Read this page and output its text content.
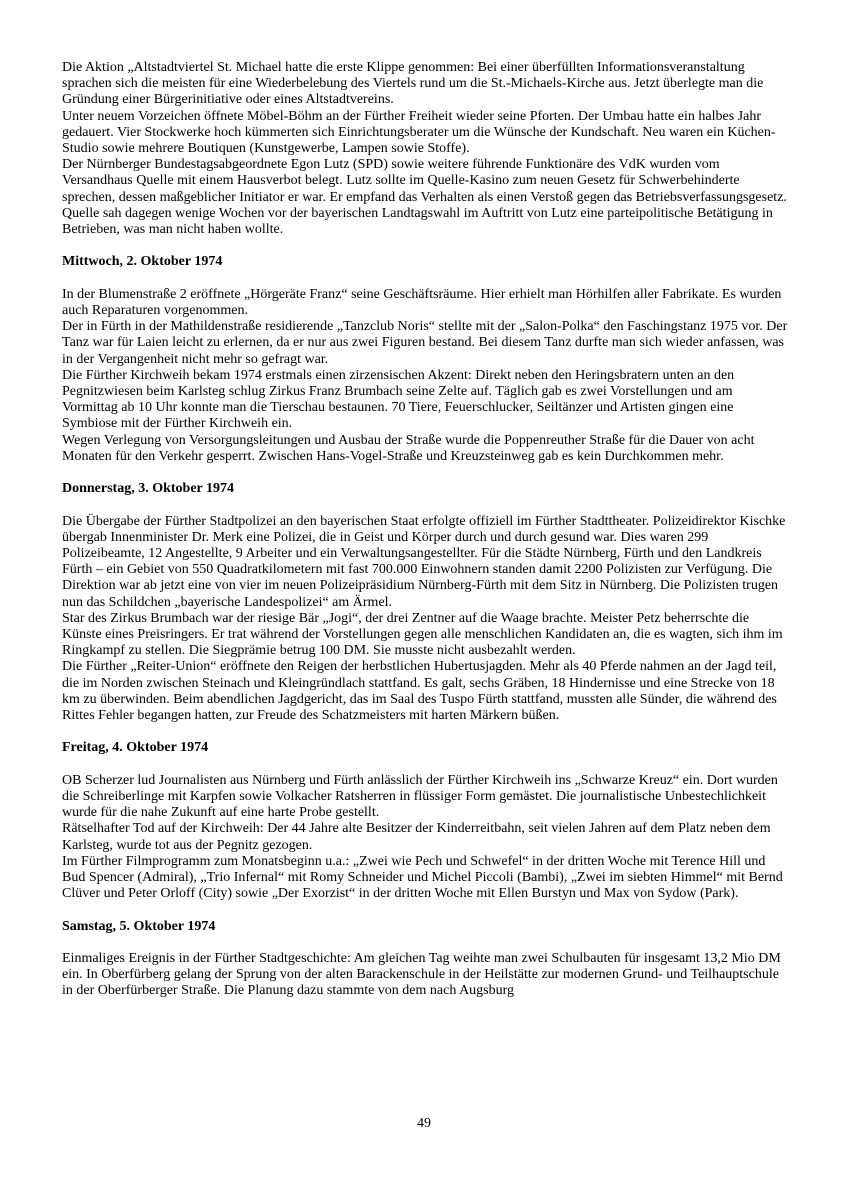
Die Aktion „Altstadtviertel St. Michael hatte die erste Klippe genommen: Bei einer überfüllten Informationsveranstaltung sprachen sich die meisten für eine Wiederbelebung des Viertels rund um die St.-Michaels-Kirche aus. Jetzt überlegte man die Gründung einer Bürgerinitiative oder eines Altstadtvereins.

Unter neuem Vorzeichen öffnete Möbel-Böhm an der Fürther Freiheit wieder seine Pforten. Der Umbau hatte ein halbes Jahr gedauert. Vier Stockwerke hoch kümmerten sich Einrichtungsberater um die Wünsche der Kundschaft. Neu waren ein Küchen-Studio sowie mehrere Boutiquen (Kunstgewerbe, Lampen sowie Stoffe).

Der Nürnberger Bundestagsabgeordnete Egon Lutz (SPD) sowie weitere führende Funktionäre des VdK wurden vom Versandhaus Quelle mit einem Hausverbot belegt. Lutz sollte im Quelle-Kasino zum neuen Gesetz für Schwerbehinderte sprechen, dessen maßgeblicher Initiator er war. Er empfand das Verhalten als einen Verstoß gegen das Betriebsverfassungsgesetz. Quelle sah dagegen wenige Wochen vor der bayerischen Landtagswahl im Auftritt von Lutz eine parteipolitische Betätigung in Betrieben, was man nicht haben wollte.

Mittwoch, 2. Oktober 1974

In der Blumenstraße 2 eröffnete „Hörgeräte Franz“ seine Geschäftsräume. Hier erhielt man Hörhilfen aller Fabrikate. Es wurden auch Reparaturen vorgenommen.

Der in Fürth in der Mathildenstraße residierende „Tanzclub Noris“ stellte mit der „Salon-Polka“ den Faschingstanz 1975 vor. Der Tanz war für Laien leicht zu erlernen, da er nur aus zwei Figuren bestand. Bei diesem Tanz durfte man sich wieder anfassen, was in der Vergangenheit nicht mehr so gefragt war.

Die Fürther Kirchweih bekam 1974 erstmals einen zirzensischen Akzent: Direkt neben den Heringsbratern unten an den Pegnitzwiesen beim Karlsteg schlug Zirkus Franz Brumbach seine Zelte auf. Täglich gab es zwei Vorstellungen und am Vormittag ab 10 Uhr konnte man die Tierschau bestaunen. 70 Tiere, Feuerschlucker, Seiltänzer und Artisten gingen eine Symbiose mit der Fürther Kirchweih ein.

Wegen Verlegung von Versorgungsleitungen und Ausbau der Straße wurde die Poppenreuther Straße für die Dauer von acht Monaten für den Verkehr gesperrt. Zwischen Hans-Vogel-Straße und Kreuzsteinweg gab es kein Durchkommen mehr.

Donnerstag, 3. Oktober 1974

Die Übergabe der Fürther Stadtpolizei an den bayerischen Staat erfolgte offiziell im Fürther Stadttheater. Polizeidirektor Kischke übergab Innenminister Dr. Merk eine Polizei, die in Geist und Körper durch und durch gesund war. Dies waren 299 Polizeibeamte, 12 Angestellte, 9 Arbeiter und ein Verwaltungsangestellter. Für die Städte Nürnberg, Fürth und den Landkreis Fürth – ein Gebiet von 550 Quadratkilometern mit fast 700.000 Einwohnern standen damit 2200 Polizisten zur Verfügung. Die Direktion war ab jetzt eine von vier im neuen Polizeipräsidium Nürnberg-Fürth mit dem Sitz in Nürnberg. Die Polizisten trugen nun das Schildchen „bayerische Landespolizei“ am Ärmel.

Star des Zirkus Brumbach war der riesige Bär „Jogi“, der drei Zentner auf die Waage brachte. Meister Petz beherrschte die Künste eines Preisringers. Er trat während der Vorstellungen gegen alle menschlichen Kandidaten an, die es wagten, sich ihm im Ringkampf zu stellen. Die Siegprämie betrug 100 DM. Sie musste nicht ausbezahlt werden.

Die Fürther „Reiter-Union“ eröffnete den Reigen der herbstlichen Hubertusjagden. Mehr als 40 Pferde nahmen an der Jagd teil, die im Norden zwischen Steinach und Kleingründlach stattfand. Es galt, sechs Gräben, 18 Hindernisse und eine Strecke von 18 km zu überwinden. Beim abendlichen Jagdgericht, das im Saal des Tuspo Fürth stattfand, mussten alle Sünder, die während des Rittes Fehler begangen hatten, zur Freude des Schatzmeisters mit harten Märkern büßen.

Freitag, 4. Oktober 1974

OB Scherzer lud Journalisten aus Nürnberg und Fürth anlässlich der Fürther Kirchweih ins „Schwarze Kreuz“ ein. Dort wurden die Schreiberlinge mit Karpfen sowie Volkacher Ratsherren in flüssiger Form gemästet. Die journalistische Unbestechlichkeit wurde für die nahe Zukunft auf eine harte Probe gestellt.

Rätselhafter Tod auf der Kirchweih: Der 44 Jahre alte Besitzer der Kinderreitbahn, seit vielen Jahren auf dem Platz neben dem Karlsteg, wurde tot aus der Pegnitz gezogen.

Im Fürther Filmprogramm zum Monatsbeginn u.a.: „Zwei wie Pech und Schwefel“ in der dritten Woche mit Terence Hill und Bud Spencer (Admiral), „Trio Infernal“ mit Romy Schneider und Michel Piccoli (Bambi), „Zwei im siebten Himmel“ mit Bernd Clüver und Peter Orloff (City) sowie „Der Exorzist“ in der dritten Woche mit Ellen Burstyn und Max von Sydow (Park).

Samstag, 5. Oktober 1974

Einmaliges Ereignis in der Fürther Stadtgeschichte: Am gleichen Tag weihte man zwei Schulbauten für insgesamt 13,2 Mio DM ein. In Oberfürberg gelang der Sprung von der alten Barackenschule in der Heilstätte zur modernen Grund- und Teilhauptschule in der Oberfürberger Straße. Die Planung dazu stammte von dem nach Augsburg

49
